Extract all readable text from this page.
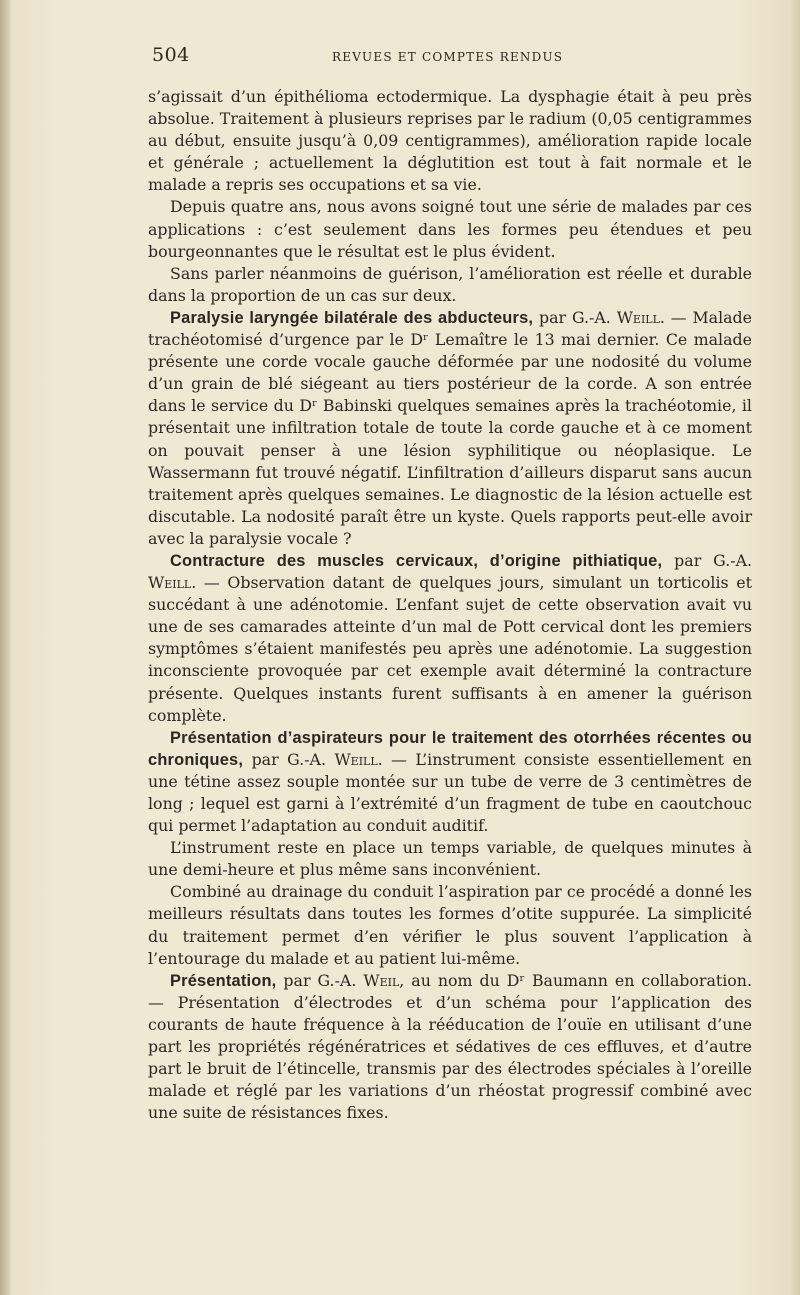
504	REVUES ET COMPTES RENDUS

s’agissait d’un épithélioma ectodermique. La dysphagie était à peu près absolue. Traitement à plusieurs reprises par le radium (0,05 centigrammes au début, ensuite jusqu’à 0,09 centigrammes), amélioration rapide locale et générale ; actuellement la déglutition est tout à fait normale et le malade a repris ses occupations et sa vie.

Depuis quatre ans, nous avons soigné tout une série de malades par ces applications : c’est seulement dans les formes peu étendues et peu bourgeonnantes que le résultat est le plus évident.

Sans parler néanmoins de guérison, l’amélioration est réelle et durable dans la proportion de un cas sur deux.

Paralysie laryngée bilatérale des abducteurs, par G.-A. Weill. — Malade trachéotomisé d’urgence par le Dʳ Lemaître le 13 mai dernier. Ce malade présente une corde vocale gauche déformée par une nodosité du volume d’un grain de blé siégeant au tiers postérieur de la corde. A son entrée dans le service du Dʳ Babinski quelques semaines après la trachéotomie, il présentait une infiltration totale de toute la corde gauche et à ce moment on pouvait penser à une lésion syphilitique ou néoplasique. Le Wassermann fut trouvé négatif. L’infiltration d’ailleurs disparut sans aucun traitement après quelques semaines. Le diagnostic de la lésion actuelle est discutable. La nodosité paraît être un kyste. Quels rapports peut-elle avoir avec la paralysie vocale ?

Contracture des muscles cervicaux, d’origine pithiatique, par G.-A. Weill. — Observation datant de quelques jours, simulant un torticolis et succédant à une adénotomie. L’enfant sujet de cette observation avait vu une de ses camarades atteinte d’un mal de Pott cervical dont les premiers symptômes s’étaient manifestés peu après une adénotomie. La suggestion inconsciente provoquée par cet exemple avait déterminé la contracture présente. Quelques instants furent suffisants à en amener la guérison complète.

Présentation d’aspirateurs pour le traitement des otorrhées récentes ou chroniques, par G.-A. Weill. — L’instrument consiste essentiellement en une tétine assez souple montée sur un tube de verre de 3 centimètres de long ; lequel est garni à l’extrémité d’un fragment de tube en caoutchouc qui permet l’adaptation au conduit auditif.

L’instrument reste en place un temps variable, de quelques minutes à une demi-heure et plus même sans inconvénient.

Combiné au drainage du conduit l’aspiration par ce procédé a donné les meilleurs résultats dans toutes les formes d’otite suppurée. La simplicité du traitement permet d’en vérifier le plus souvent l’application à l’entourage du malade et au patient lui-même.

Présentation, par G.-A. Weil, au nom du Dʳ Baumann en collaboration. — Présentation d’électrodes et d’un schéma pour l’application des courants de haute fréquence à la rééducation de l’ouïe en utilisant d’une part les propriétés régénératrices et sédatives de ces effluves, et d’autre part le bruit de l’étincelle, transmis par des électrodes spéciales à l’oreille malade et réglé par les variations d’un rhéostat progressif combiné avec une suite de résistances fixes.
